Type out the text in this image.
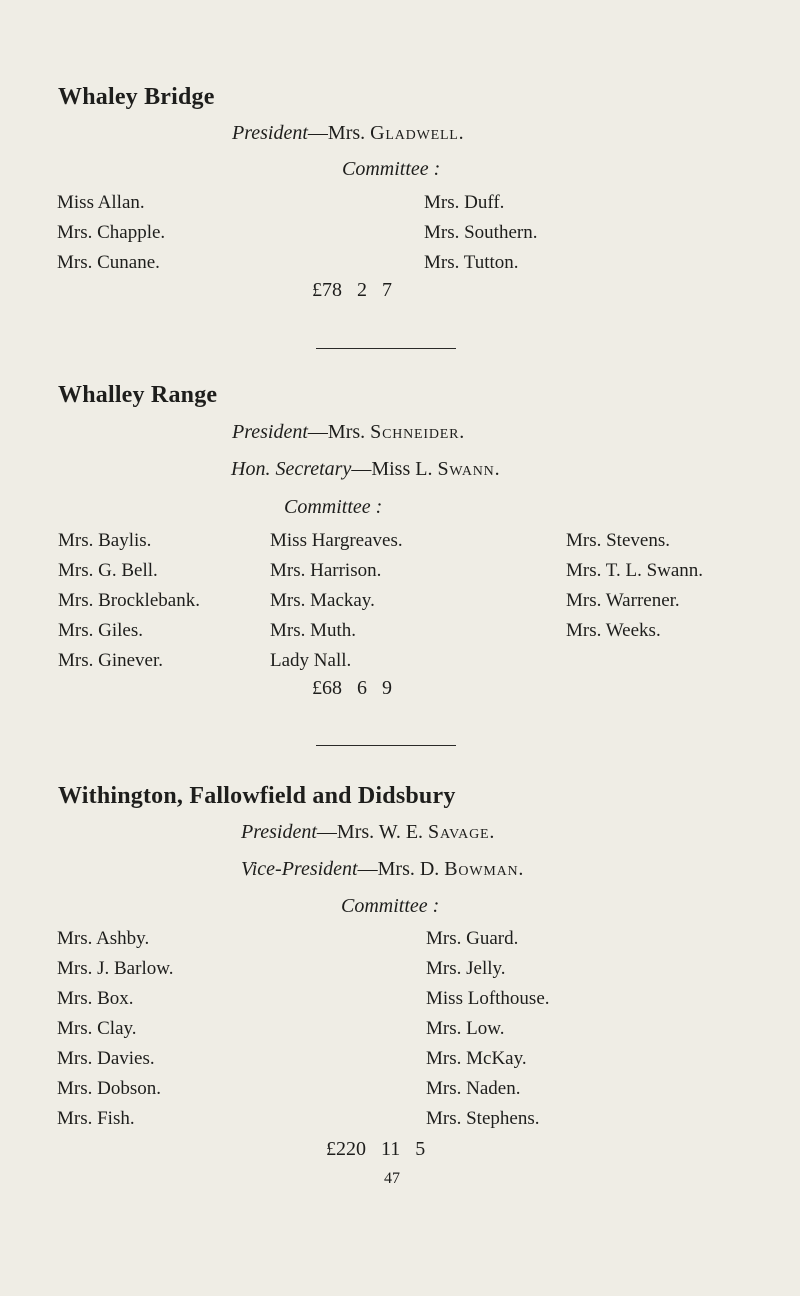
Whaley Bridge
President—Mrs. Gladwell.
Committee :
Miss Allan.
Mrs. Chapple.
Mrs. Cunane.
Mrs. Duff.
Mrs. Southern.
Mrs. Tutton.
£78 2 7
Whalley Range
President—Mrs. Schneider.
Hon. Secretary—Miss L. Swann.
Committee :
Mrs. Baylis.
Mrs. G. Bell.
Mrs. Brocklebank.
Mrs. Giles.
Mrs. Ginever.
Miss Hargreaves.
Mrs. Harrison.
Mrs. Mackay.
Mrs. Muth.
Lady Nall.
Mrs. Stevens.
Mrs. T. L. Swann.
Mrs. Warrener.
Mrs. Weeks.
£68 6 9
Withington, Fallowfield and Didsbury
President—Mrs. W. E. Savage.
Vice-President—Mrs. D. Bowman.
Committee :
Mrs. Ashby.
Mrs. J. Barlow.
Mrs. Box.
Mrs. Clay.
Mrs. Davies.
Mrs. Dobson.
Mrs. Fish.
Mrs. Guard.
Mrs. Jelly.
Miss Lofthouse.
Mrs. Low.
Mrs. McKay.
Mrs. Naden.
Mrs. Stephens.
£220 11 5
47
